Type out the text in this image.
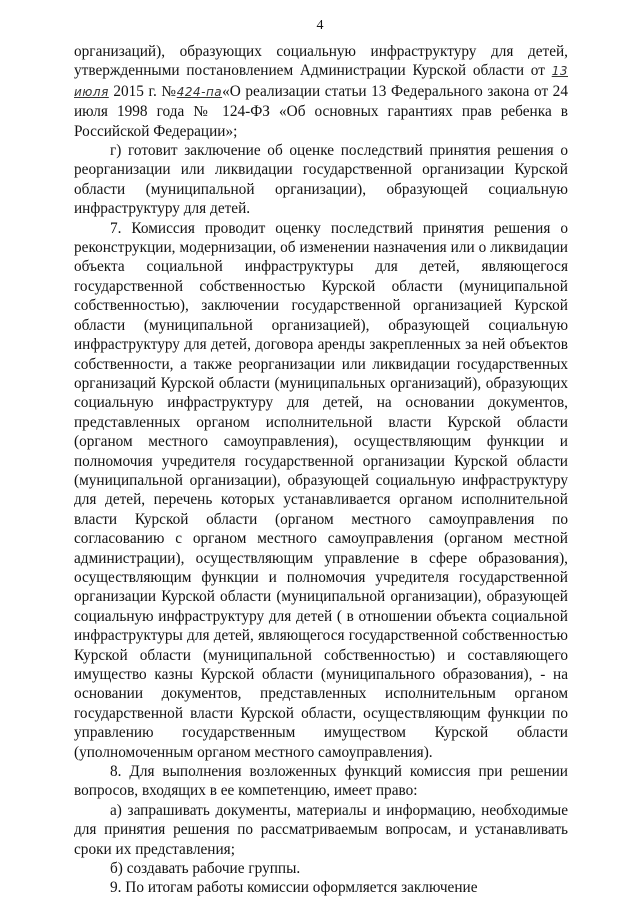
4

организаций), образующих социальную инфраструктуру для детей, утвержденными постановлением Администрации Курской области от 13 июля 2015 г. №424-па«О реализации статьи 13 Федерального закона от 24 июля 1998 года № 124-ФЗ «Об основных гарантиях прав ребенка в Российской Федерации»;

г) готовит заключение об оценке последствий принятия решения о реорганизации или ликвидации государственной организации Курской области (муниципальной организации), образующей социальную инфраструктуру для детей.

7. Комиссия проводит оценку последствий принятия решения о реконструкции, модернизации, об изменении назначения или о ликвидации объекта социальной инфраструктуры для детей, являющегося государственной собственностью Курской области (муниципальной собственностью), заключении государственной организацией Курской области (муниципальной организацией), образующей социальную инфраструктуру для детей, договора аренды закрепленных за ней объектов собственности, а также реорганизации или ликвидации государственных организаций Курской области (муниципальных организаций), образующих социальную инфраструктуру для детей, на основании документов, представленных органом исполнительной власти Курской области (органом местного самоуправления), осуществляющим функции и полномочия учредителя государственной организации Курской области (муниципальной организации), образующей социальную инфраструктуру для детей, перечень которых устанавливается органом исполнительной власти Курской области (органом местного самоуправления по согласованию с органом местного самоуправления (органом местной администрации), осуществляющим управление в сфере образования), осуществляющим функции и полномочия учредителя государственной организации Курской области (муниципальной организации), образующей социальную инфраструктуру для детей ( в отношении объекта социальной инфраструктуры для детей, являющегося государственной собственностью Курской области (муниципальной собственностью) и составляющего имущество казны Курской области (муниципального образования), - на основании документов, представленных исполнительным органом государственной власти Курской области, осуществляющим функции по управлению государственным имуществом Курской области (уполномоченным органом местного самоуправления).

8. Для выполнения возложенных функций комиссия при решении вопросов, входящих в ее компетенцию, имеет право:

а) запрашивать документы, материалы и информацию, необходимые для принятия решения по рассматриваемым вопросам, и устанавливать сроки их представления;

б) создавать рабочие группы.

9. По итогам работы комиссии оформляется заключение
